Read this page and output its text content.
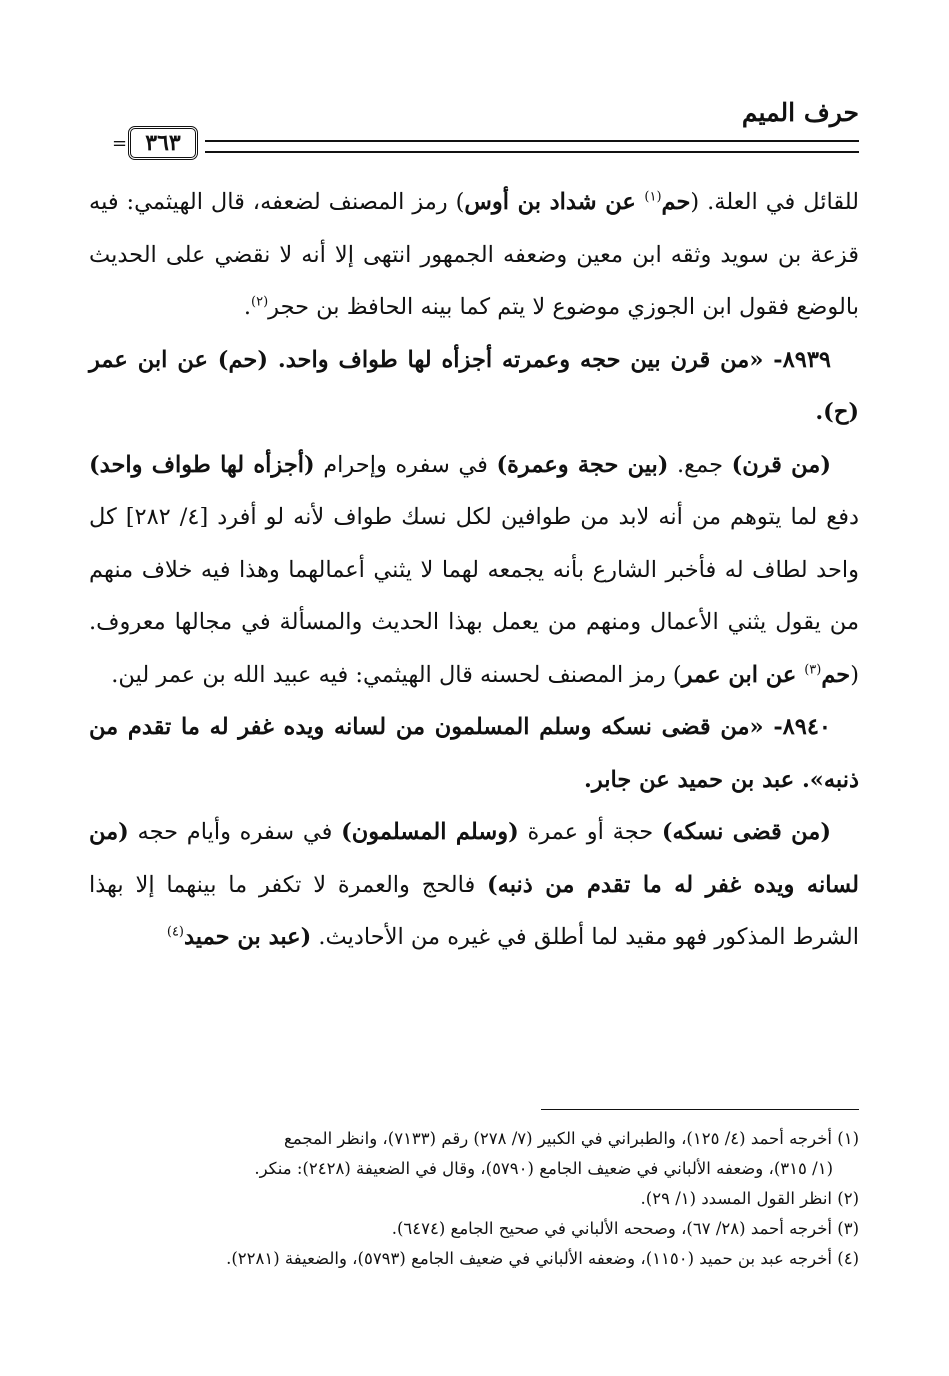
حرف الميم
= ٣٦٣

للقائل في العلة. (حم$^{(١)}$ عن شداد بن أوس) رمز المصنف لضعفه، قال الهيثمي: فيه قزعة بن سويد وثقه ابن معين وضعفه الجمهور انتهى إلا أنه لا نقضي على الحديث بالوضع فقول ابن الجوزي موضوع لا يتم كما بينه الحافظ بن حجر$^{(٢)}$.

٨٩٣٩- «من قرن بين حجه وعمرته أجزأه لها طواف واحد. (حم) عن ابن عمر (ح).

(من قرن) جمع. (بين حجة وعمرة) في سفره وإحرام (أجزأه لها طواف واحد) دفع لما يتوهم من أنه لابد من طوافين لكل نسك طواف لأنه لو أفرد [٤/ ٢٨٢] كل واحد لطاف له فأخبر الشارع بأنه يجمعه لهما لا يثني أعمالهما وهذا فيه خلاف منهم من يقول يثني الأعمال ومنهم من يعمل بهذا الحديث والمسألة في مجالها معروف. (حم$^{(٣)}$ عن ابن عمر) رمز المصنف لحسنه قال الهيثمي: فيه عبيد الله بن عمر لين.

٨٩٤٠- «من قضى نسكه وسلم المسلمون من لسانه ويده غفر له ما تقدم من ذنبه». عبد بن حميد عن جابر.

(من قضى نسكه) حجة أو عمرة (وسلم المسلمون) في سفره وأيام حجه (من لسانه ويده غفر له ما تقدم من ذنبه) فالحج والعمرة لا تكفر ما بينهما إلا بهذا الشرط المذكور فهو مقيد لما أطلق في غيره من الأحاديث. (عبد بن حميد$^{(٤)}$

(١) أخرجه أحمد (٤/ ١٢٥)، والطبراني في الكبير (٧/ ٢٧٨) رقم (٧١٣٣)، وانظر المجمع

(١/ ٣١٥)، وضعفه الألباني في ضعيف الجامع (٥٧٩٠)، وقال في الضعيفة (٢٤٢٨): منكر.

(٢) انظر القول المسدد (١/ ٢٩).

(٣) أخرجه أحمد (٢٨/ ٦٧)، وصححه الألباني في صحيح الجامع (٦٤٧٤).

(٤) أخرجه عبد بن حميد (١١٥٠)، وضعفه الألباني في ضعيف الجامع (٥٧٩٣)، والضعيفة (٢٢٨١).
